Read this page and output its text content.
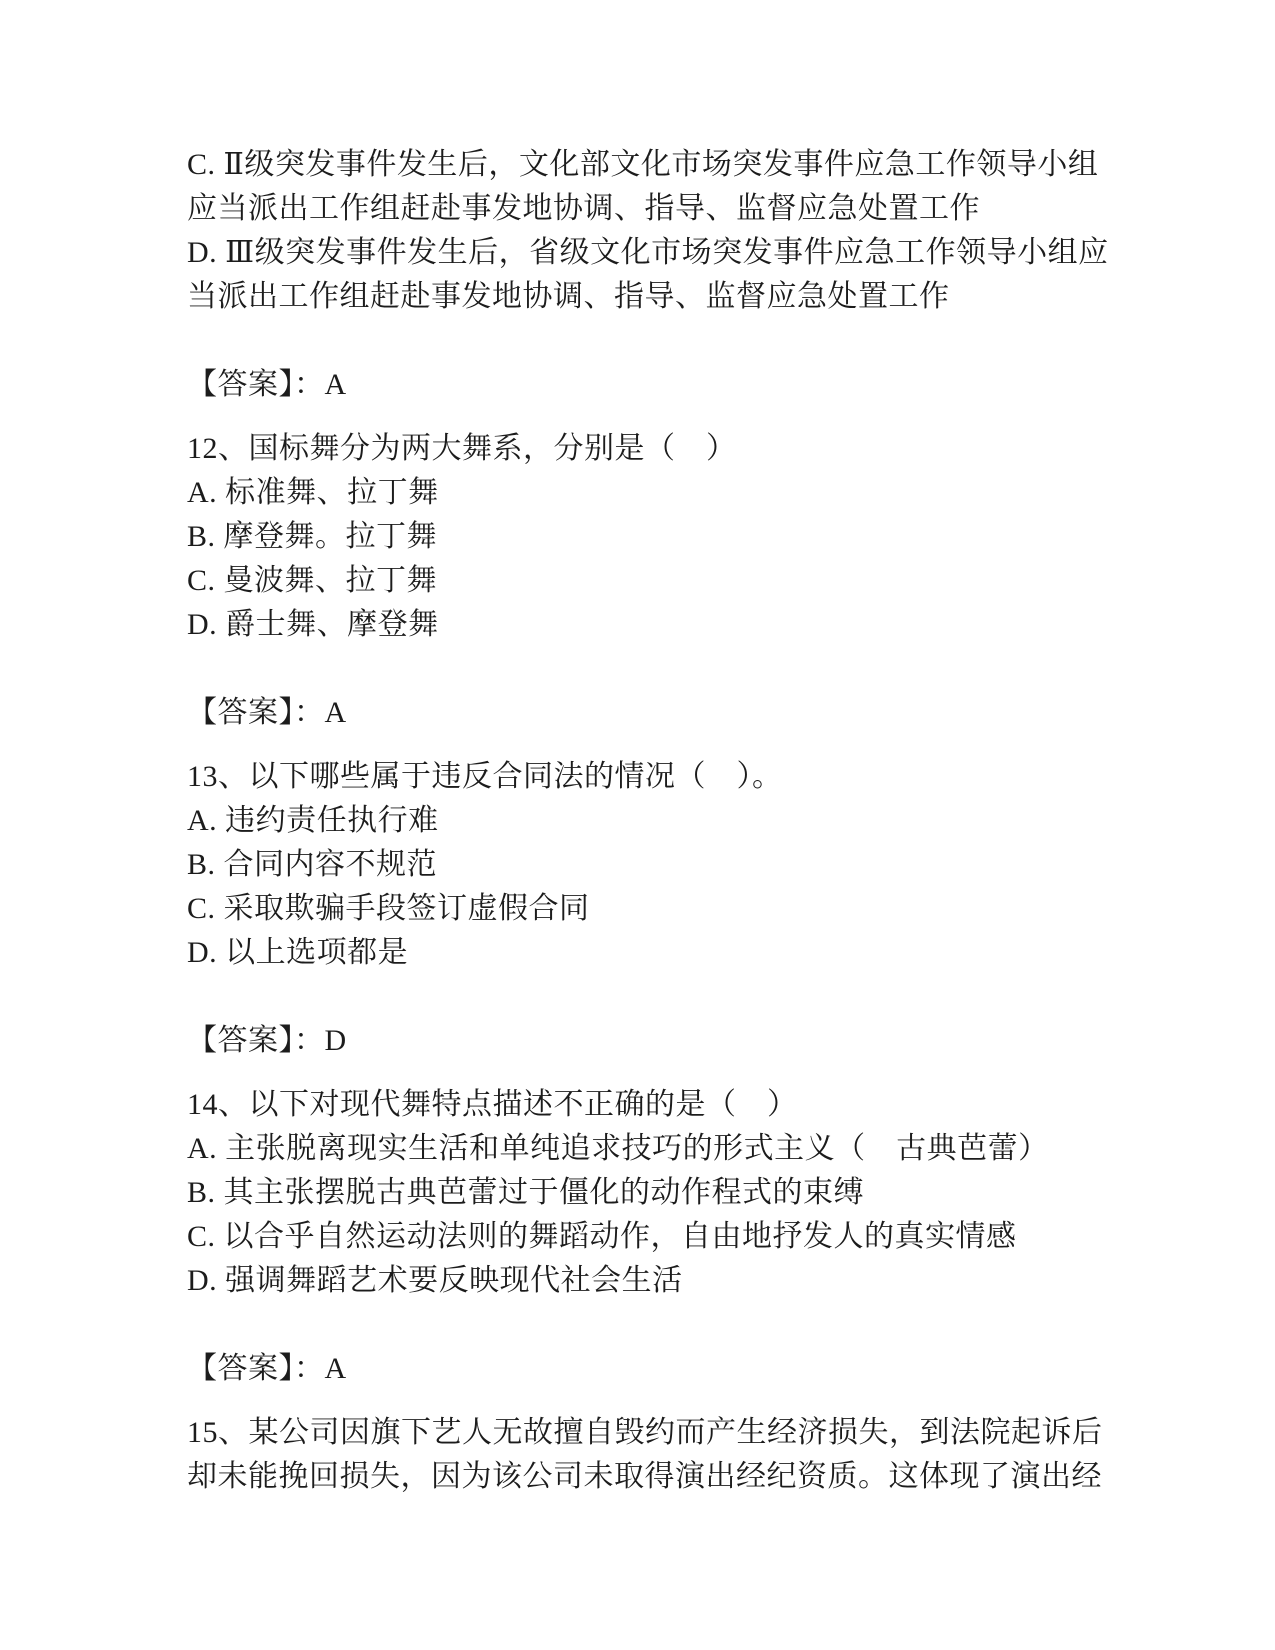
C. Ⅱ级突发事件发生后，文化部文化市场突发事件应急工作领导小组

应当派出工作组赶赴事发地协调、指导、监督应急处置工作

D. Ⅲ级突发事件发生后，省级文化市场突发事件应急工作领导小组应

当派出工作组赶赴事发地协调、指导、监督应急处置工作

【答案】：A

12、国标舞分为两大舞系，分别是（　）

A. 标准舞、拉丁舞

B. 摩登舞。拉丁舞

C. 曼波舞、拉丁舞

D. 爵士舞、摩登舞

【答案】：A

13、以下哪些属于违反合同法的情况（　）。

A. 违约责任执行难

B. 合同内容不规范

C. 采取欺骗手段签订虚假合同

D. 以上选项都是

【答案】：D

14、以下对现代舞特点描述不正确的是（　）

A. 主张脱离现实生活和单纯追求技巧的形式主义（　古典芭蕾）

B. 其主张摆脱古典芭蕾过于僵化的动作程式的束缚

C. 以合乎自然运动法则的舞蹈动作，自由地抒发人的真实情感

D. 强调舞蹈艺术要反映现代社会生活

【答案】：A

15、某公司因旗下艺人无故擅自毁约而产生经济损失，到法院起诉后

却未能挽回损失，因为该公司未取得演出经纪资质。这体现了演出经
